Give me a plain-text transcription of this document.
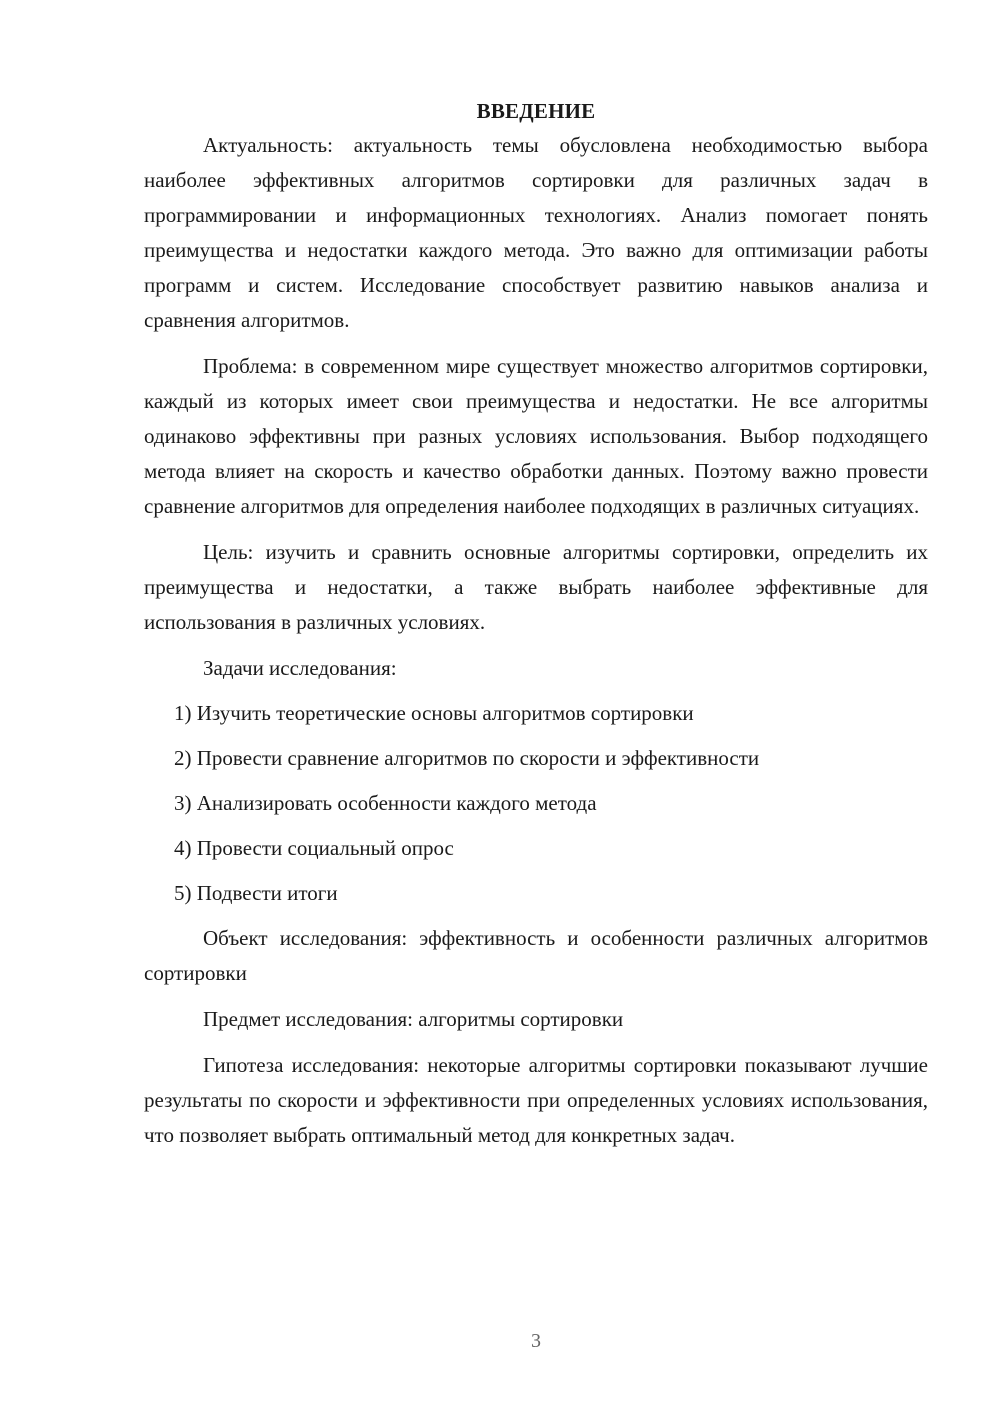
ВВЕДЕНИЕ

Актуальность: актуальность темы обусловлена необходимостью выбора наиболее эффективных алгоритмов сортировки для различных задач в программировании и информационных технологиях. Анализ помогает понять преимущества и недостатки каждого метода. Это важно для оптимизации работы программ и систем. Исследование способствует развитию навыков анализа и сравнения алгоритмов.

Проблема: в современном мире существует множество алгоритмов сортировки, каждый из которых имеет свои преимущества и недостатки. Не все алгоритмы одинаково эффективны при разных условиях использования. Выбор подходящего метода влияет на скорость и качество обработки данных. Поэтому важно провести сравнение алгоритмов для определения наиболее подходящих в различных ситуациях.

Цель: изучить и сравнить основные алгоритмы сортировки, определить их преимущества и недостатки, а также выбрать наиболее эффективные для использования в различных условиях.

Задачи исследования:

1) Изучить теоретические основы алгоритмов сортировки
2) Провести сравнение алгоритмов по скорости и эффективности
3) Анализировать особенности каждого метода
4) Провести социальный опрос
5) Подвести итоги

Объект исследования: эффективность и особенности различных алгоритмов сортировки

Предмет исследования: алгоритмы сортировки

Гипотеза исследования: некоторые алгоритмы сортировки показывают лучшие результаты по скорости и эффективности при определенных условиях использования, что позволяет выбрать оптимальный метод для конкретных задач.

3
